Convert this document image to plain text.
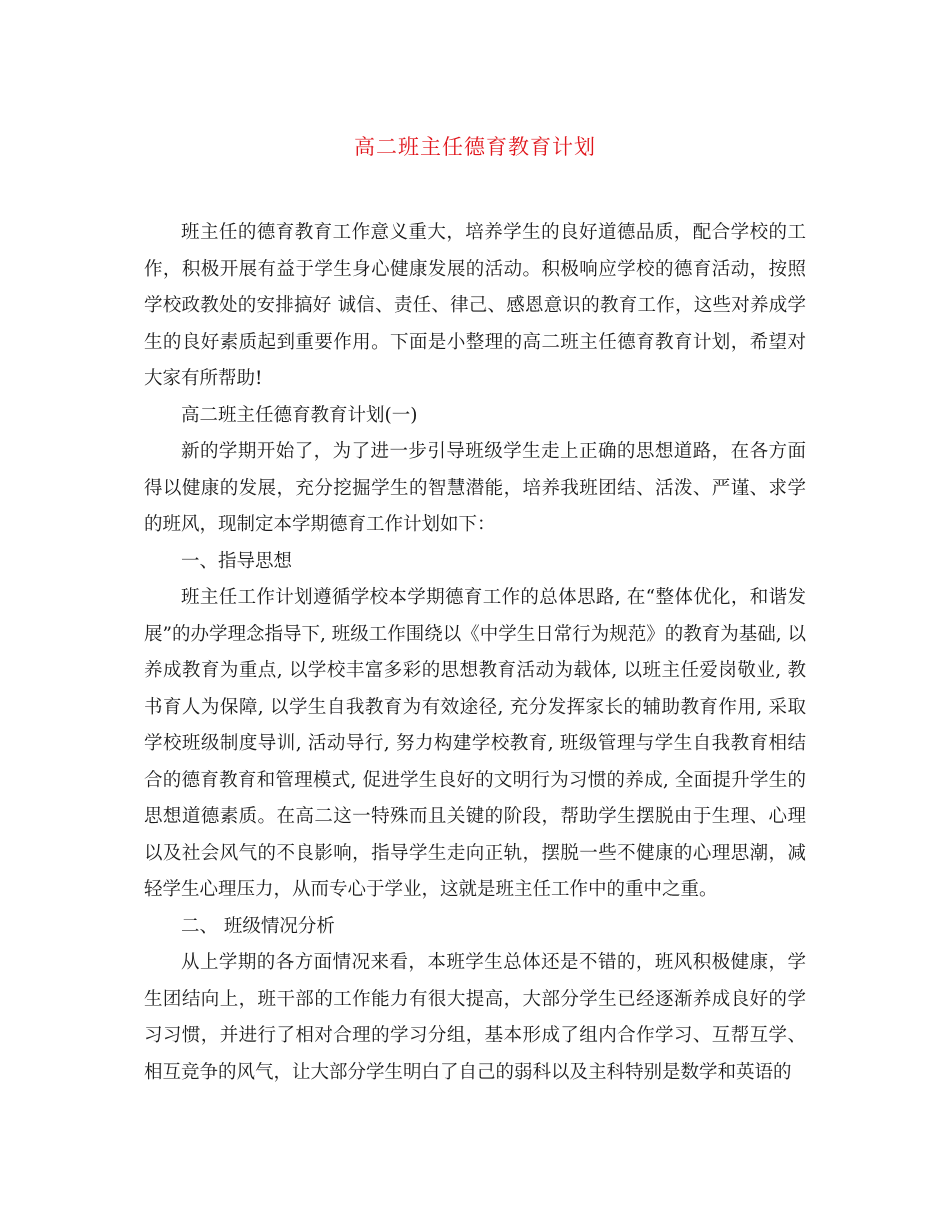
高二班主任德育教育计划

班主任的德育教育工作意义重大，培养学生的良好道德品质，配合学校的工作，积极开展有益于学生身心健康发展的活动。积极响应学校的德育活动，按照学校政教处的安排搞好 诚信、责任、律己、感恩意识的教育工作，这些对养成学生的良好素质起到重要作用。下面是小整理的高二班主任德育教育计划，希望对大家有所帮助!

高二班主任德育教育计划(一)

新的学期开始了，为了进一步引导班级学生走上正确的思想道路，在各方面得以健康的发展，充分挖掘学生的智慧潜能，培养我班团结、活泼、严谨、求学的班风，现制定本学期德育工作计划如下：

一、指导思想

班主任工作计划遵循学校本学期德育工作的总体思路, 在“整体优化，和谐发展”的办学理念指导下, 班级工作围绕以《中学生日常行为规范》的教育为基础, 以养成教育为重点, 以学校丰富多彩的思想教育活动为载体, 以班主任爱岗敬业, 教书育人为保障, 以学生自我教育为有效途径, 充分发挥家长的辅助教育作用, 采取学校班级制度导训, 活动导行, 努力构建学校教育, 班级管理与学生自我教育相结合的德育教育和管理模式, 促进学生良好的文明行为习惯的养成, 全面提升学生的思想道德素质。在高二这一特殊而且关键的阶段，帮助学生摆脱由于生理、心理以及社会风气的不良影响，指导学生走向正轨，摆脱一些不健康的心理思潮，减轻学生心理压力，从而专心于学业，这就是班主任工作中的重中之重。

二、 班级情况分析

从上学期的各方面情况来看，本班学生总体还是不错的，班风积极健康，学生团结向上，班干部的工作能力有很大提高，大部分学生已经逐渐养成良好的学习习惯，并进行了相对合理的学习分组，基本形成了组内合作学习、互帮互学、相互竞争的风气，让大部分学生明白了自己的弱科以及主科特别是数学和英语的
